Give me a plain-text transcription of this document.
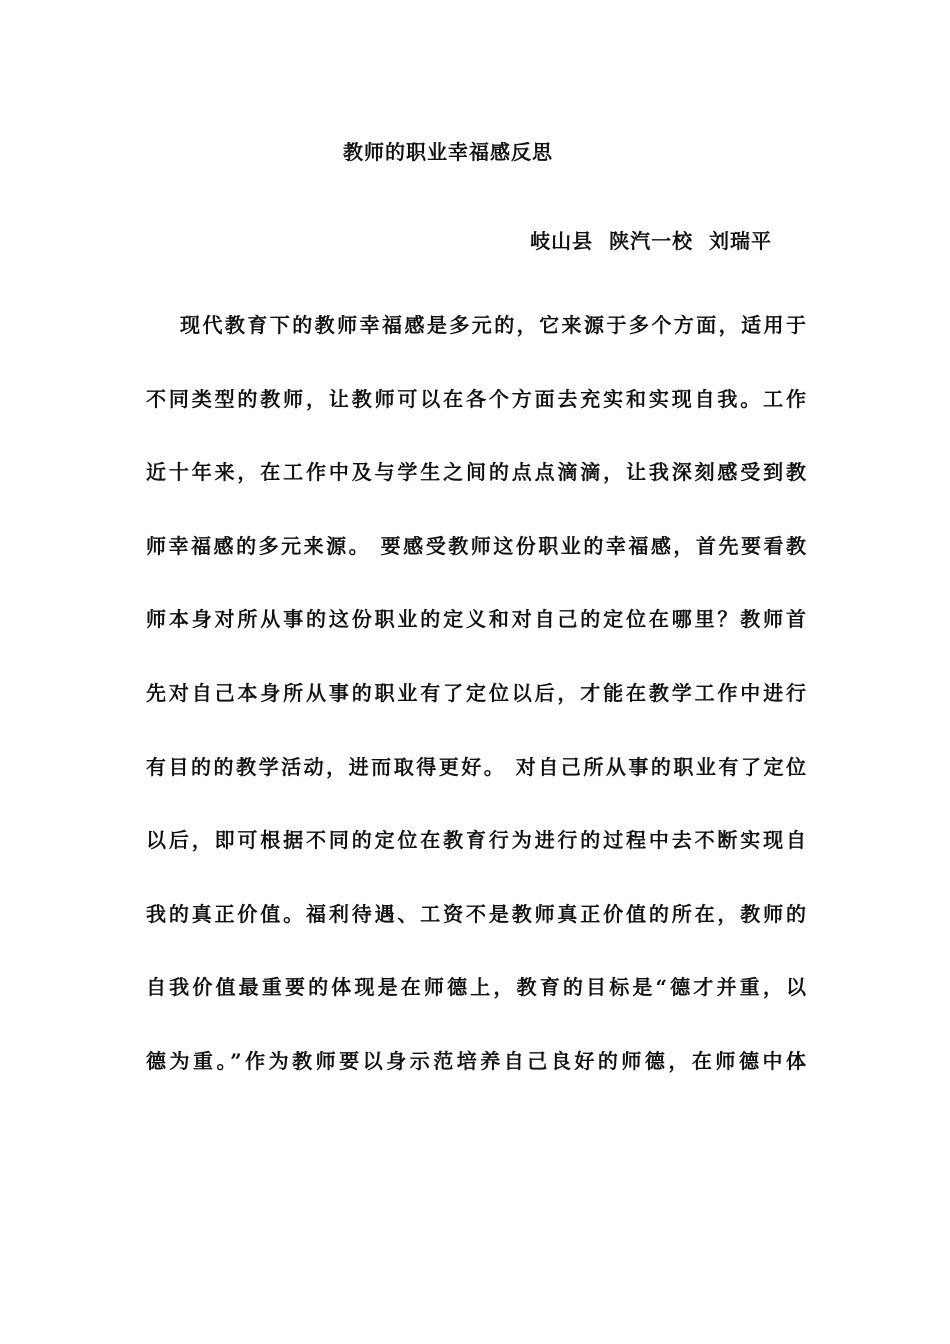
教师的职业幸福感反思
岐山县  陕汽一校  刘瑞平
现代教育下的教师幸福感是多元的，它来源于多个方面，适用于
不同类型的教师，让教师可以在各个方面去充实和实现自我。工作
近十年来，在工作中及与学生之间的点点滴滴，让我深刻感受到教
师幸福感的多元来源。 要感受教师这份职业的幸福感，首先要看教
师本身对所从事的这份职业的定义和对自己的定位在哪里？教师首
先对自己本身所从事的职业有了定位以后，才能在教学工作中进行
有目的的教学活动，进而取得更好。 对自己所从事的职业有了定位
以后，即可根据不同的定位在教育行为进行的过程中去不断实现自
我的真正价值。福利待遇、工资不是教师真正价值的所在，教师的
自我价值最重要的体现是在师德上，教育的目标是“德才并重，以
德为重。”作为教师要以身示范培养自己良好的师德，在师德中体
